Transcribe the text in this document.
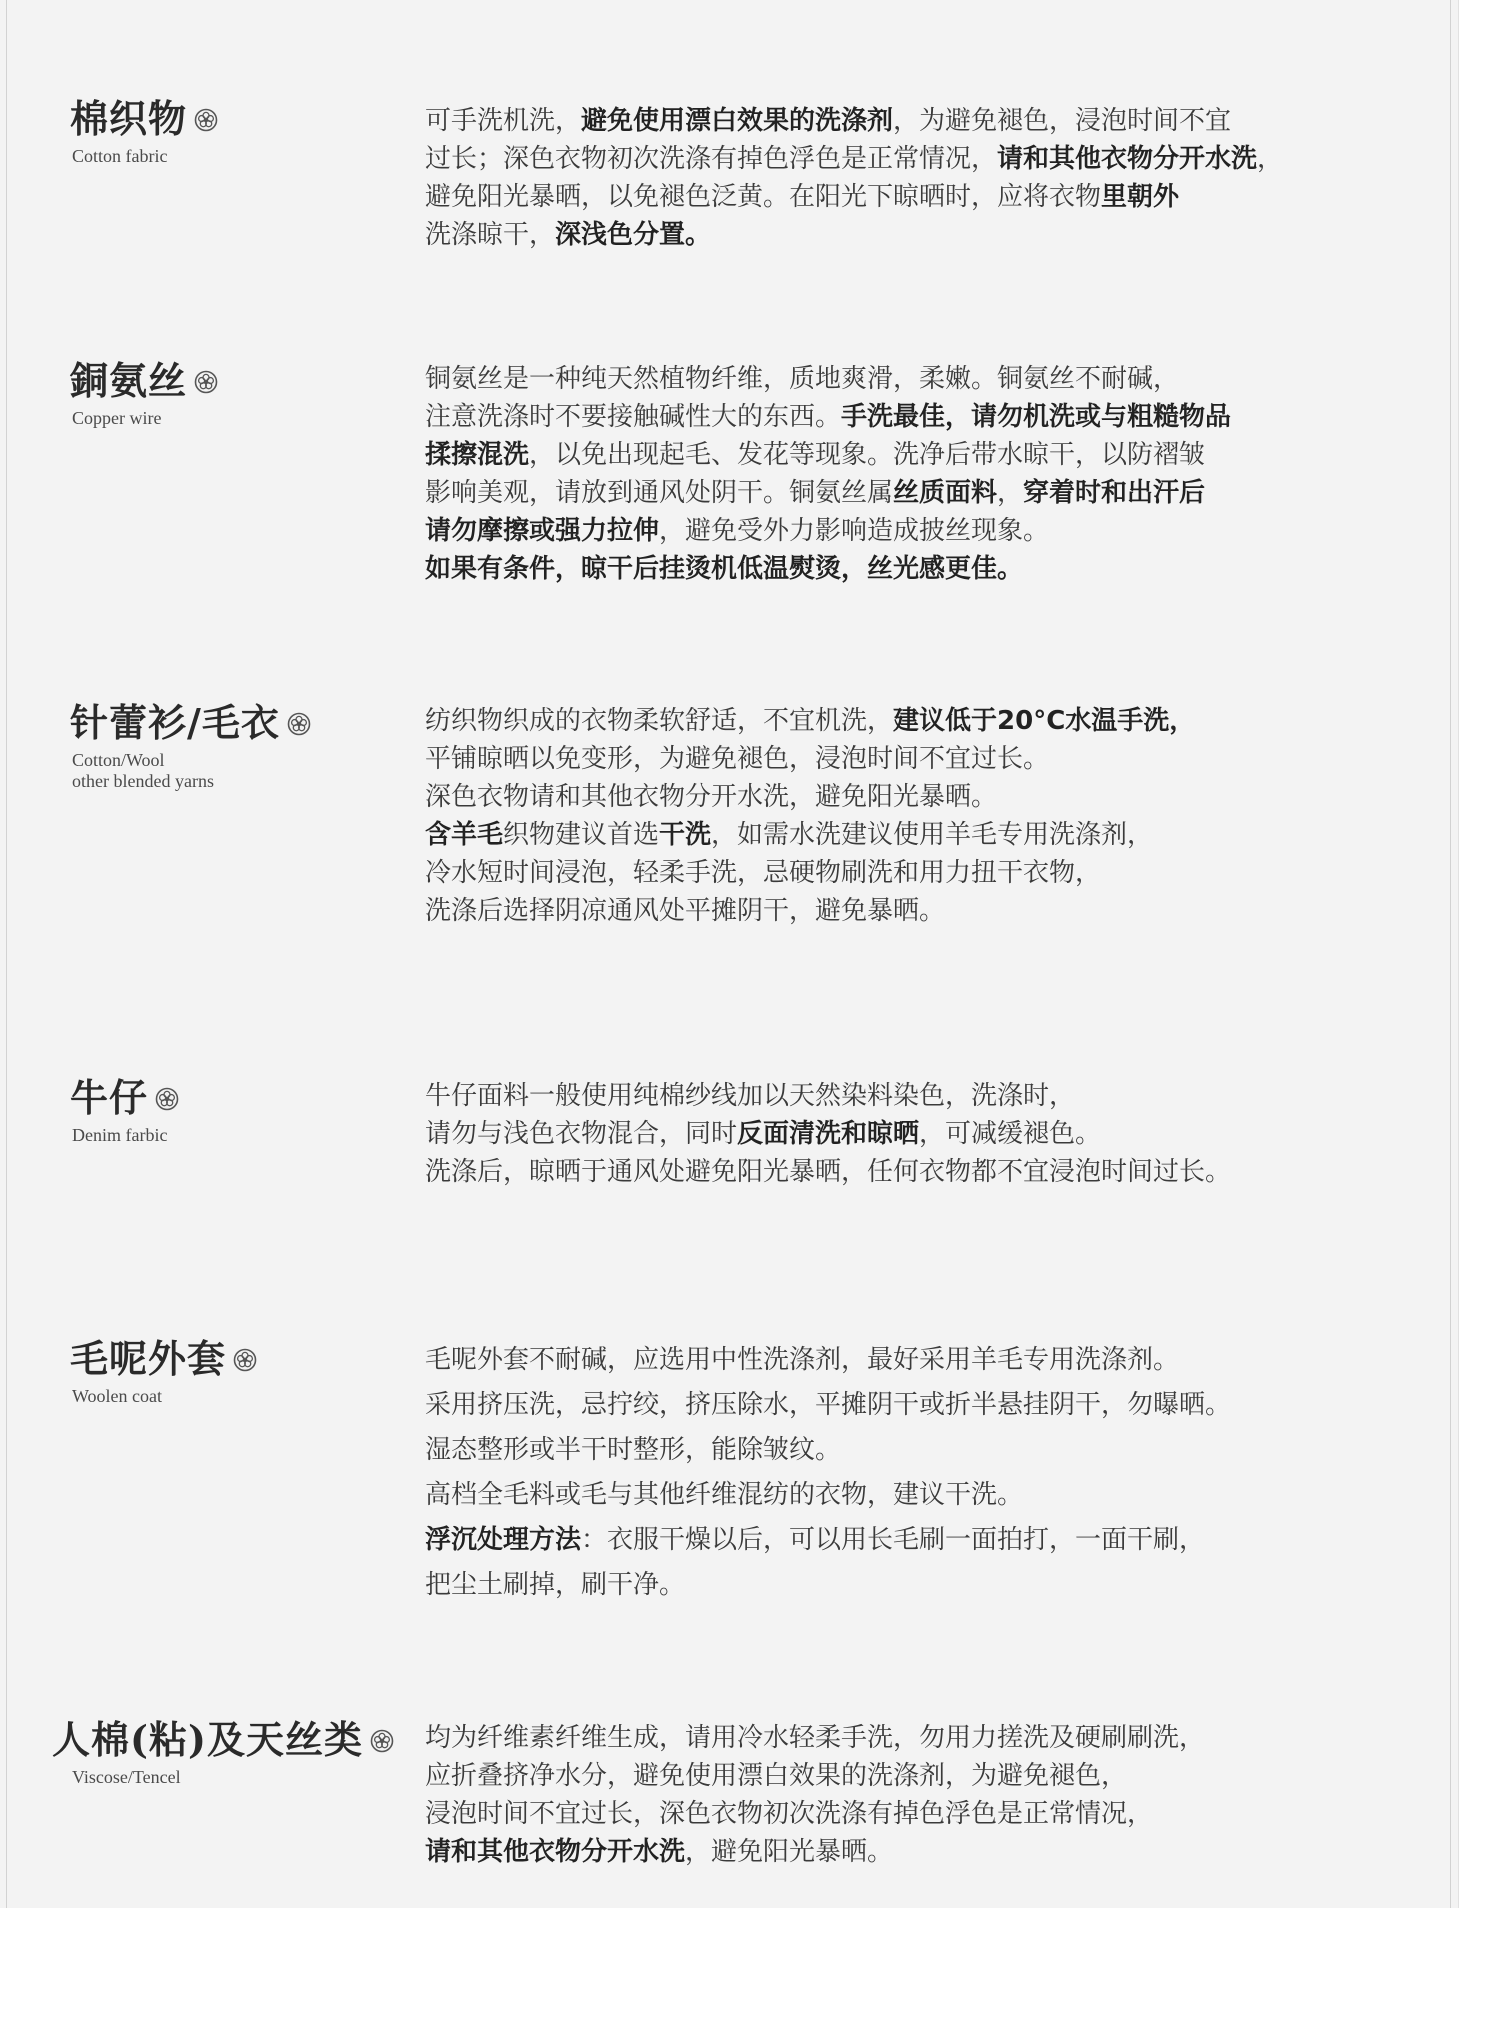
棉织物
Cotton fabric
可手洗机洗，避免使用漂白效果的洗涤剂，为避免褪色，浸泡时间不宜
过长；深色衣物初次洗涤有掉色浮色是正常情况，请和其他衣物分开水洗，
避免阳光暴晒，以免褪色泛黄。在阳光下晾晒时，应将衣物里朝外
洗涤晾干，深浅色分置。
銅氨丝
Copper wire
铜氨丝是一种纯天然植物纤维，质地爽滑，柔嫩。铜氨丝不耐碱，
注意洗涤时不要接触碱性大的东西。手洗最佳，请勿机洗或与粗糙物品
揉擦混洗，以免出现起毛、发花等现象。洗净后带水晾干，以防褶皱
影响美观，请放到通风处阴干。铜氨丝属丝质面料，穿着时和出汗后
请勿摩擦或强力拉伸，避免受外力影响造成披丝现象。
如果有条件，晾干后挂烫机低温熨烫，丝光感更佳。
针蕾衫/毛衣
Cotton/Wool
other blended yarns
纺织物织成的衣物柔软舒适，不宜机洗，建议低于20°C水温手洗，
平铺晾晒以免变形，为避免褪色，浸泡时间不宜过长。
深色衣物请和其他衣物分开水洗，避免阳光暴晒。
含羊毛织物建议首选干洗，如需水洗建议使用羊毛专用洗涤剂，
冷水短时间浸泡，轻柔手洗，忌硬物刷洗和用力扭干衣物，
洗涤后选择阴凉通风处平摊阴干，避免暴晒。
牛仔
Denim farbic
牛仔面料一般使用纯棉纱线加以天然染料染色，洗涤时，
请勿与浅色衣物混合，同时反面清洗和晾晒，可减缓褪色。
洗涤后，晾晒于通风处避免阳光暴晒，任何衣物都不宜浸泡时间过长。
毛呢外套
Woolen coat
毛呢外套不耐碱，应选用中性洗涤剂，最好采用羊毛专用洗涤剂。
采用挤压洗，忌拧绞，挤压除水，平摊阴干或折半悬挂阴干，勿曝晒。
湿态整形或半干时整形，能除皱纹。
高档全毛料或毛与其他纤维混纺的衣物，建议干洗。
浮沉处理方法：衣服干燥以后，可以用长毛刷一面拍打，一面干刷，
把尘土刷掉，刷干净。
人棉(粘)及天丝类
Viscose/Tencel
均为纤维素纤维生成，请用冷水轻柔手洗，勿用力搓洗及硬刷刷洗，
应折叠挤净水分，避免使用漂白效果的洗涤剂，为避免褪色，
浸泡时间不宜过长，深色衣物初次洗涤有掉色浮色是正常情况，
请和其他衣物分开水洗，避免阳光暴晒。
